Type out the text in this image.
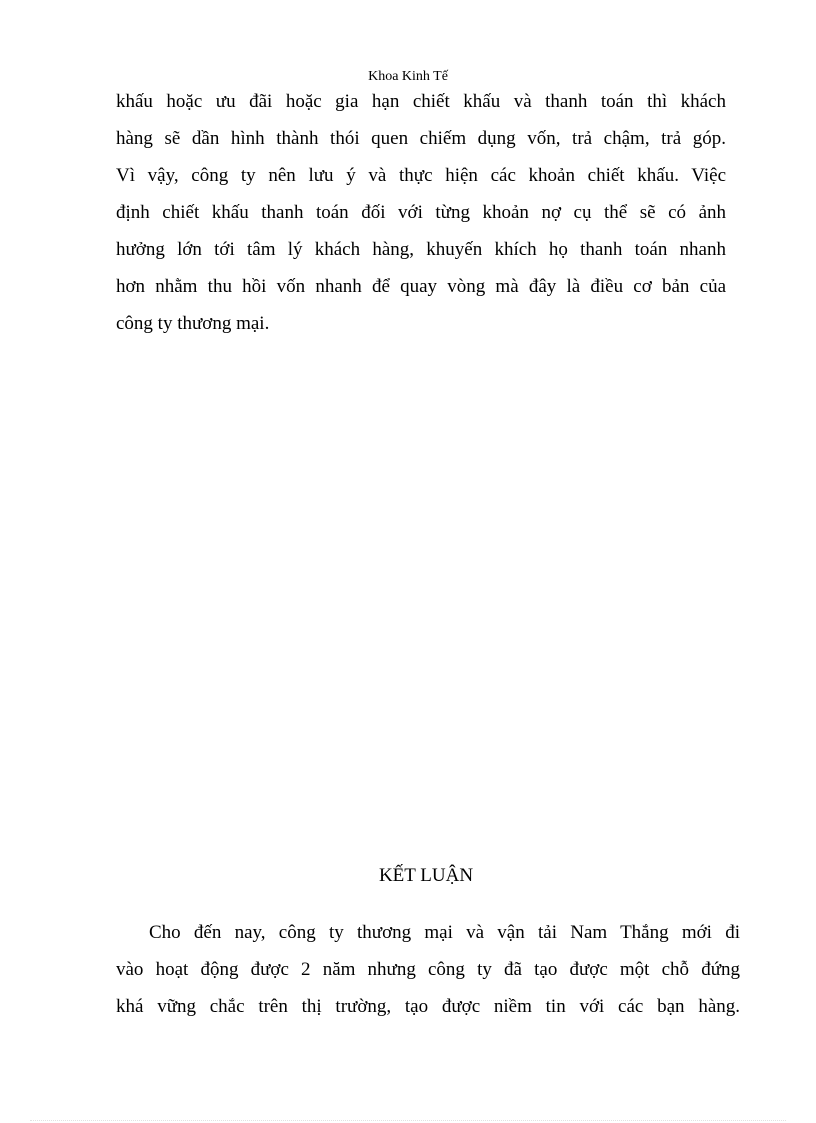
Khoa Kinh Tế
khấu hoặc ưu đãi hoặc gia hạn chiết khấu và thanh toán thì khách
hàng sẽ dần hình thành thói quen chiếm dụng vốn, trả chậm, trả góp.
Vì vậy, công ty nên lưu ý và thực hiện các khoản chiết khấu. Việc
định chiết khấu thanh toán đối với từng khoản nợ cụ thể sẽ có ảnh
hưởng lớn tới tâm lý khách hàng, khuyến khích họ thanh toán nhanh
hơn nhằm thu hồi vốn nhanh để quay vòng mà đây là điều cơ bản của
công ty thương mại.
KẾT LUẬN
Cho đến nay, công ty thương mại và vận tải Nam Thắng mới đi
vào hoạt động được 2 năm nhưng công ty đã tạo được một chỗ đứng
khá vững chắc trên thị trường, tạo được niềm tin với các bạn hàng.
